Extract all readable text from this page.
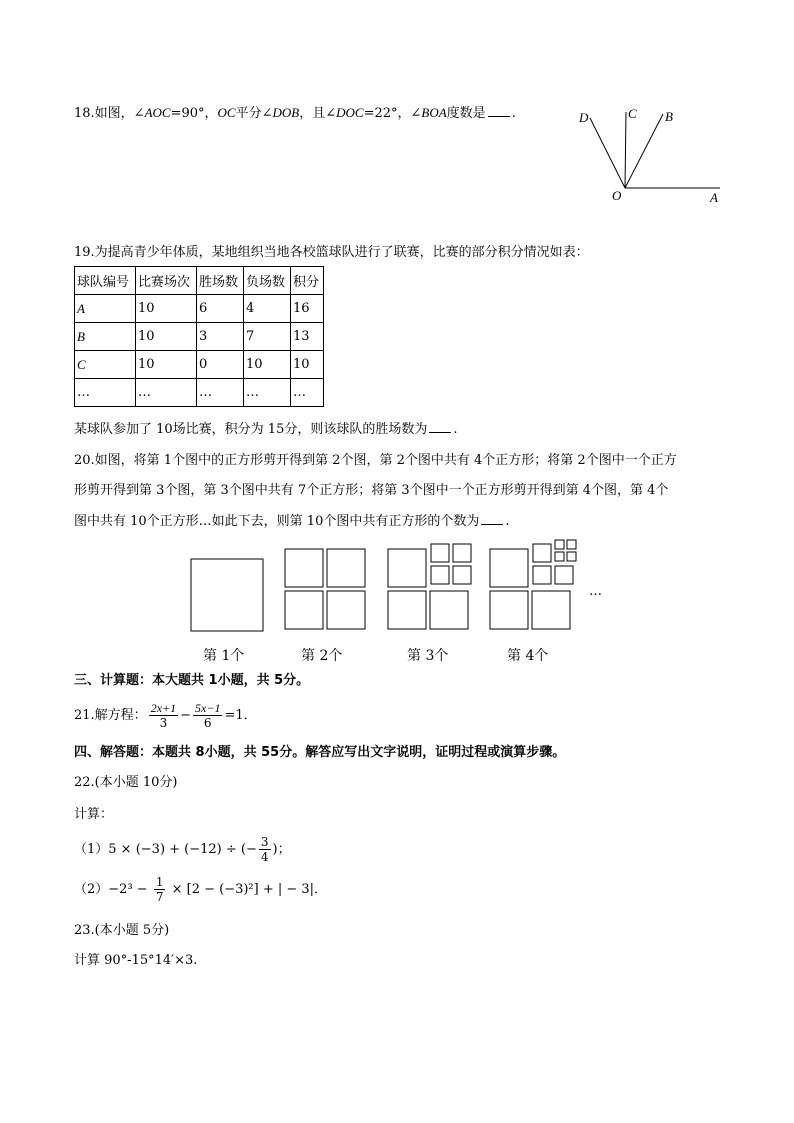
18.如图，∠AOC=90°，OC平分∠DOB，且∠DOC=22°，∠BOA度数是 .	D	C B
O	A
19.为提高青少年体质，某地组织当地各校篮球队进行了联赛，比赛的部分积分情况如表：
球队编号	比赛场次	胜场数	负场数	积分
A	10	6	4	16
B	10	3	7	13
C	10	0	10	10
…	…	…	…	…
某球队参加了 10场比赛，积分为 15分，则该球队的胜场数为 .
20.如图，将第 1个图中的正方形剪开得到第 2个图，第 2个图中共有 4个正方形；将第 2个图中一个正方
形剪开得到第 3个图，第 3个图中共有 7个正方形；将第 3个图中一个正方形剪开得到第 4个图，第 4个
图中共有 10个正方形…如此下去，则第 10个图中共有正方形的个数为 .
…
第 1个	第 2个	第 3个	第 4个
三、计算题：本大题共 1小题，共 5分。
21.解方程： $\frac{2x+1}{3} - \frac{5x-1}{6} =1$．
四、解答题：本题共 8小题，共 55分。解答应写出文字说明，证明过程或演算步骤。
22.(本小题 10分)
计算：
（1）5 × (−3) + (−12) ÷ (− $\frac{3}{4}$ )；
$(2)-2^3 - \frac{1}{7} \times [2 - (-3)^2]$ + | − 3|．
23.(本小题 5分)
计算 90°-15°14′×3.
